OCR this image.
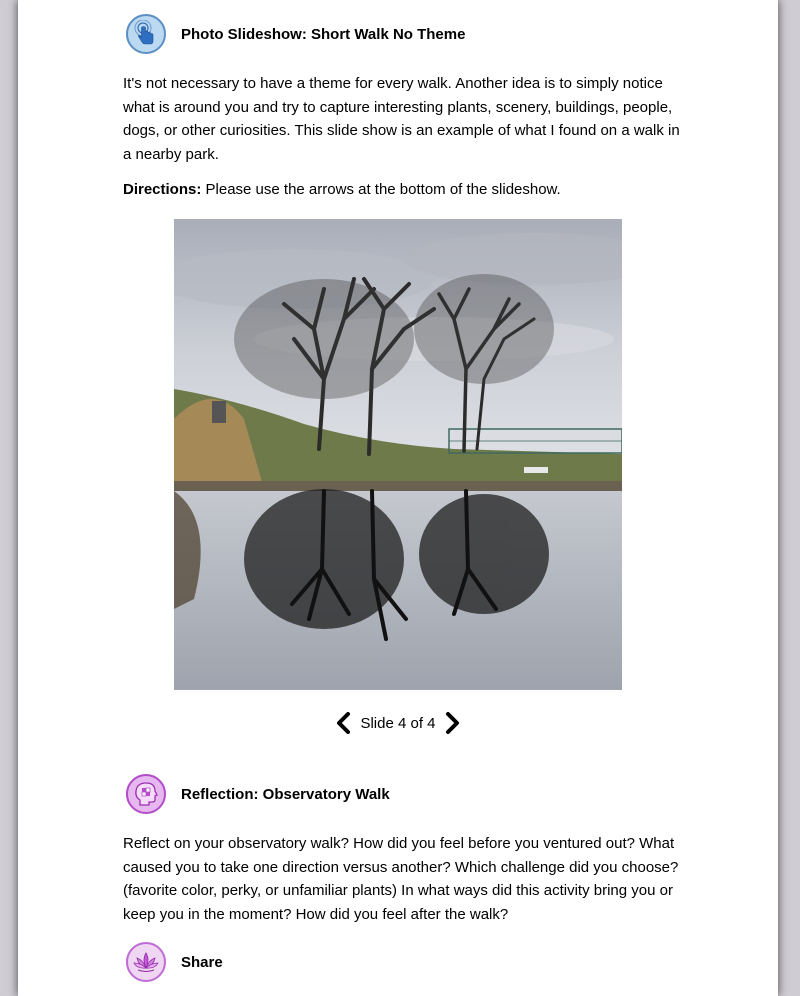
Photo Slideshow: Short Walk No Theme

It's not necessary to have a theme for every walk. Another idea is to simply notice what is around you and try to capture interesting plants, scenery, buildings, people, dogs, or other curiosities. This slide show is an example of what I found on a walk in a nearby park.

Directions: Please use the arrows at the bottom of the slideshow.

Slide 4 of 4
Reflection: Observatory Walk

Reflect on your observatory walk? How did you feel before you ventured out? What caused you to take one direction versus another? Which challenge did you choose? (favorite color, perky, or unfamiliar plants) In what ways did this activity bring you or keep you in the moment? How did you feel after the walk?

Share
